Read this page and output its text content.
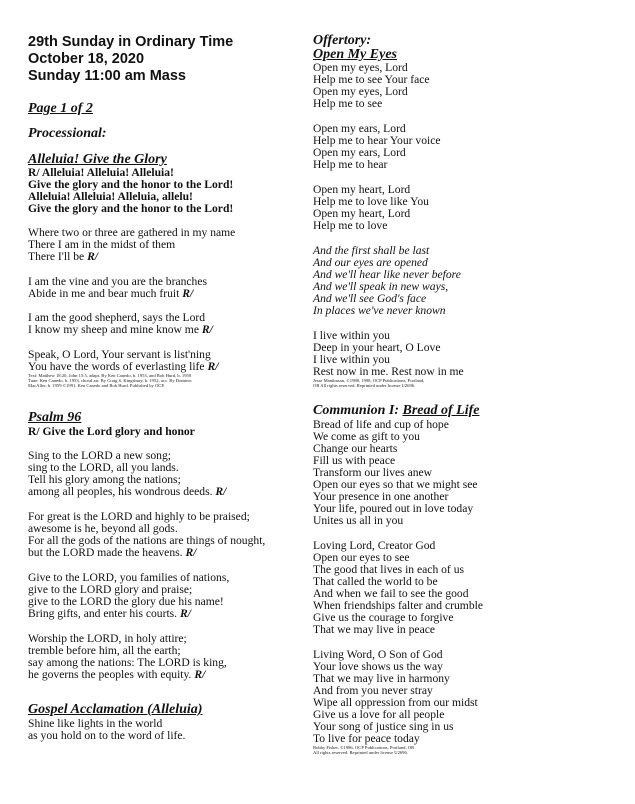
29th Sunday in Ordinary Time
October 18, 2020
Sunday 11:00 am Mass
Page 1 of 2
Processional:
Alleluia! Give the Glory
R/ Alleluia! Alleluia! Alleluia!
Give the glory and the honor to the Lord!
Alleluia! Alleluia! Alleluia, allelu!
Give the glory and the honor to the Lord!
Where two or three are gathered in my name
There I am in the midst of them
There I'll be R/
I am the vine and you are the branches
Abide in me and bear much fruit R/
I am the good shepherd, says the Lord
I know my sheep and mine know me R/
Speak, O Lord, Your servant is list'ning
You have the words of everlasting life R/
Text: Matthew 18:20, John 15:5, adapt. By Ken Canedo, b. 1953, and Bob Hurd, b. 1950
Tune: Ken Canedo, b. 1953, choral arr. By Craig S. Kingsbury, b. 1952, acc. By Dominic
MacAller, b. 1959 ©1991, Ken Canedo and Bob Hurd. Published by OCP.
Psalm 96
R/ Give the Lord glory and honor
Sing to the LORD a new song;
sing to the LORD, all you lands.
Tell his glory among the nations;
among all peoples, his wondrous deeds. R/
For great is the LORD and highly to be praised;
awesome is he, beyond all gods.
For all the gods of the nations are things of nought,
but the LORD made the heavens. R/
Give to the LORD, you families of nations,
give to the LORD glory and praise;
give to the LORD the glory due his name!
Bring gifts, and enter his courts. R/
Worship the LORD, in holy attire;
tremble before him, all the earth;
say among the nations: The LORD is king,
he governs the peoples with equity. R/
Gospel Acclamation (Alleluia)
Shine like lights in the world
as you hold on to the word of life.
Offertory:
Open My Eyes
Open my eyes, Lord
Help me to see Your face
Open my eyes, Lord
Help me to see
Open my ears, Lord
Help me to hear Your voice
Open my ears, Lord
Help me to hear
Open my heart, Lord
Help me to love like You
Open my heart, Lord
Help me to love
And the first shall be last
And our eyes are opened
And we'll hear like never before
And we'll speak in new ways,
And we'll see God's face
In places we've never known
I live within you
Deep in your heart, O Love
I live within you
Rest now in me. Rest now in me
Jesse Manibusan, ©1988, 1998, OCP Publications, Portland,
OR All rights reserved. Reprinted under license U2696.
Communion I: Bread of Life
Bread of life and cup of hope
We come as gift to you
Change our hearts
Fill us with peace
Transform our lives anew
Open our eyes so that we might see
Your presence in one another
Your life, poured out in love today
Unites us all in you
Loving Lord, Creator God
Open our eyes to see
The good that lives in each of us
That called the world to be
And when we fail to see the good
When friendships falter and crumble
Give us the courage to forgive
That we may live in peace
Living Word, O Son of God
Your love shows us the way
That we may live in harmony
And from you never stray
Wipe all oppression from our midst
Give us a love for all people
Your song of justice sing in us
To live for peace today
Bobby Fisher, ©1986, OCP Publications, Portland, OR
All rights reserved. Reprinted under license U2696.
